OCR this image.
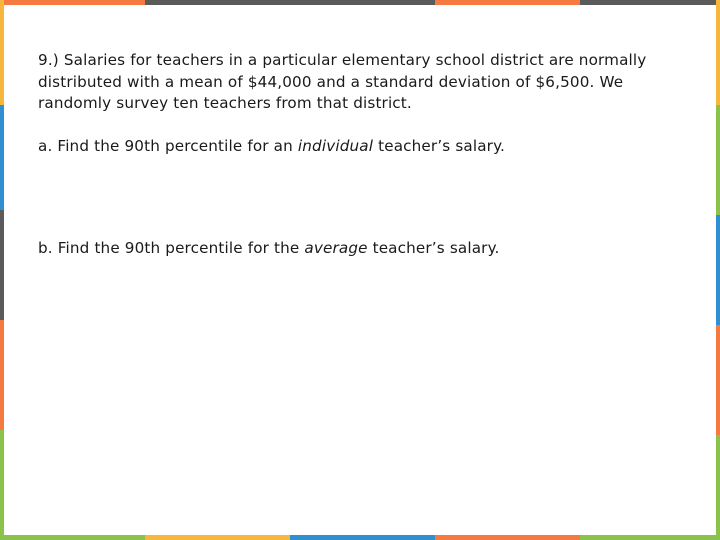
9.) Salaries for teachers in a particular elementary school district are normally distributed with a mean of $44,000 and a standard deviation of $6,500. We randomly survey ten teachers from that district.

a. Find the 90th percentile for an individual teacher’s salary.

b. Find the 90th percentile for the average teacher’s salary.
